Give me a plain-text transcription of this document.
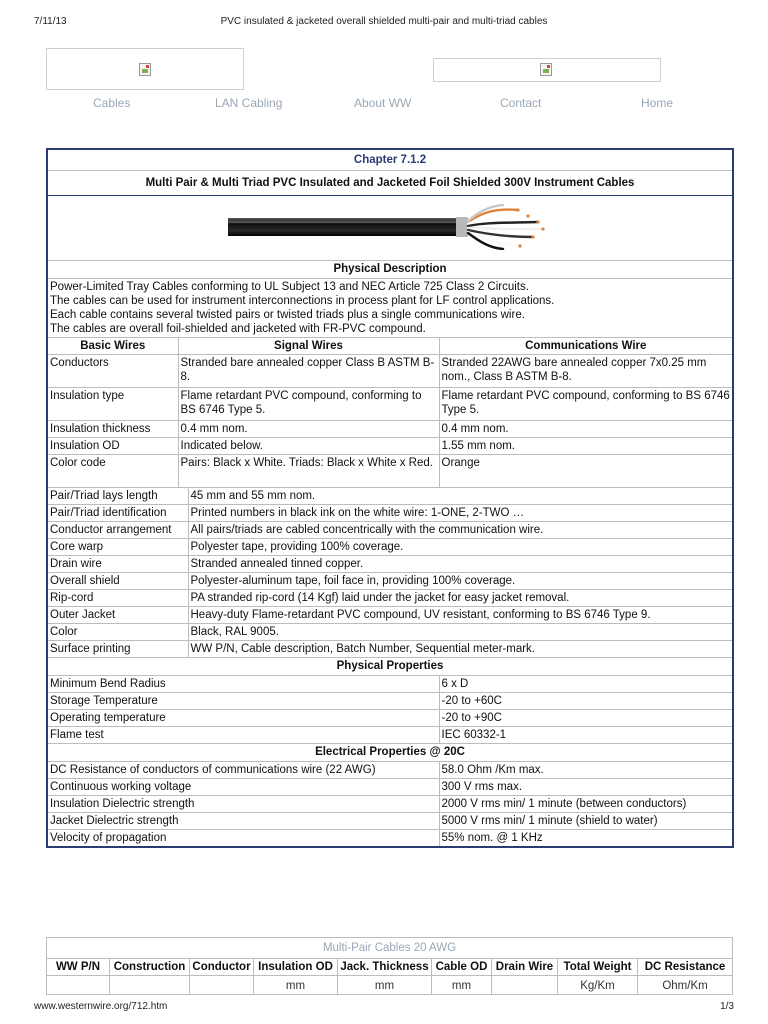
7/11/13	PVC insulated & jacketed overall shielded multi-pair and multi-triad cables
Cables	LAN Cabling	About WW	Contact	Home
Chapter 7.1.2			
Multi Pair & Multi Triad PVC Insulated and Jacketed Foil Shielded 300V Instrument Cables			

Physical Description			

Power-Limited Tray Cables conforming to UL Subject 13 and NEC Article 725 Class 2 Circuits.
The cables can be used for instrument interconnections in process plant for LF control applications.
Each cable contains several twisted pairs or twisted triads plus a single communications wire.
The cables are overall foil-shielded and jacketed with FR-PVC compound.			

Basic Wires	Signal Wires		Communications Wire
Conductors	Stranded bare annealed copper Class B ASTM B-8.		Stranded 22AWG bare annealed copper 7x0.25 mm nom., Class B ASTM B-8.
Insulation type	Flame retardant PVC compound, conforming to BS 6746 Type 5.		Flame retardant PVC compound, conforming to BS 6746 Type 5.
Insulation thickness	0.4 mm nom.		0.4 mm nom.
Insulation OD	Indicated below.		1.55 mm nom.
Color code	Pairs: Black x White. Triads: Black x White x Red.		Orange
Pair/Triad lays length		45 mm and 55 mm nom.	
Pair/Triad identification		Printed numbers in black ink on the white wire: 1-ONE, 2-TWO …	
Conductor arrangement		All pairs/triads are cabled concentrically with the communication wire.	
Core warp		Polyester tape, providing 100% coverage.	
Drain wire		Stranded annealed tinned copper.	
Overall shield		Polyester-aluminum tape, foil face in, providing 100% coverage.	
Rip-cord		PA stranded rip-cord (14 Kgf) laid under the jacket for easy jacket removal.	
Outer Jacket		Heavy-duty Flame-retardant PVC compound, UV resistant, conforming to BS 6746 Type 9.	
Color		Black, RAL 9005.	
Surface printing		WW P/N, Cable description, Batch Number, Sequential meter-mark.	
Physical Properties			
Minimum Bend Radius			6 x D
Storage Temperature			-20 to +60C
Operating temperature			-20 to +90C
Flame test			IEC 60332-1
Electrical Properties @ 20C			
DC Resistance of conductors of communications wire (22 AWG)			58.0 Ohm /Km max.
Continuous working voltage			300 V rms max.
Insulation Dielectric strength			2000 V rms min/ 1 minute (between conductors)
Jacket Dielectric strength			5000 V rms min/ 1 minute (shield to water)
Velocity of propagation			55% nom. @ 1 KHz
Multi-Pair Cables 20 AWG								
WW P/N	Construction	Conductor	Insulation OD	Jack. Thickness	Cable OD	Drain Wire	Total Weight	DC Resistance
			mm	mm	mm		Kg/Km	Ohm/Km
www.westernwire.org/712.htm	1/3
